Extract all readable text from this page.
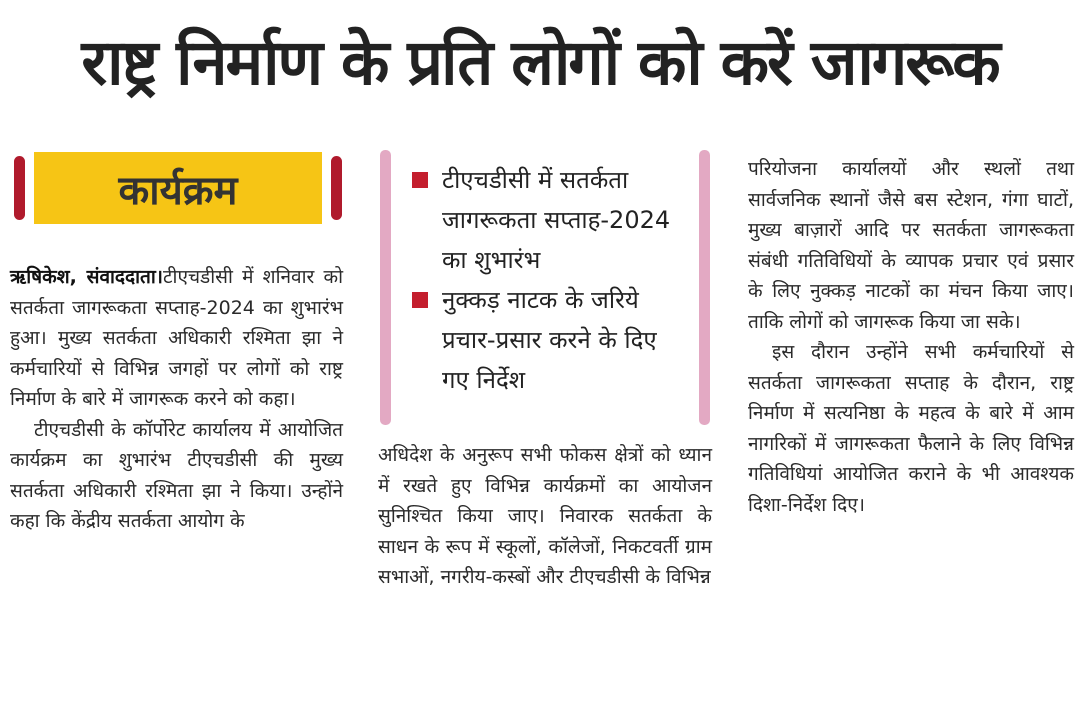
राष्ट्र निर्माण के प्रति लोगों को करें जागरूक
कार्यक्रम

ऋषिकेश, संवाददाता।टीएचडीसी में शनिवार को सतर्कता जागरूकता सप्ताह-2024 का शुभारंभ हुआ। मुख्य सतर्कता अधिकारी रश्मिता झा ने कर्मचारियों से विभिन्न जगहों पर लोगों को राष्ट्र निर्माण के बारे में जागरूक करने को कहा।

टीएचडीसी के कॉर्पोरेट कार्यालय में आयोजित कार्यक्रम का शुभारंभ टीएचडीसी की मुख्य सतर्कता अधिकारी रश्मिता झा ने किया। उन्होंने कहा कि केंद्रीय सतर्कता आयोग के

टीएचडीसी में सतर्कता जागरूकता सप्ताह-2024 का शुभारंभ
नुक्कड़ नाटक के जरिये प्रचार-प्रसार करने के दिए गए निर्देश

अधिदेश के अनुरूप सभी फोकस क्षेत्रों को ध्यान में रखते हुए विभिन्न कार्यक्रमों का आयोजन सुनिश्चित किया जाए। निवारक सतर्कता के साधन के रूप में स्कूलों, कॉलेजों, निकटवर्ती ग्राम सभाओं, नगरीय-कस्बों और टीएचडीसी के विभिन्न

परियोजना कार्यालयों और स्थलों तथा सार्वजनिक स्थानों जैसे बस स्टेशन, गंगा घाटों, मुख्य बाज़ारों आदि पर सतर्कता जागरूकता संबंधी गतिविधियों के व्यापक प्रचार एवं प्रसार के लिए नुक्कड़ नाटकों का मंचन किया जाए। ताकि लोगों को जागरूक किया जा सके।

इस दौरान उन्होंने सभी कर्मचारियों से सतर्कता जागरूकता सप्ताह के दौरान, राष्ट्र निर्माण में सत्यनिष्ठा के महत्व के बारे में आम नागरिकों में जागरूकता फैलाने के लिए विभिन्न गतिविधियां आयोजित कराने के भी आवश्यक दिशा-निर्देश दिए।
